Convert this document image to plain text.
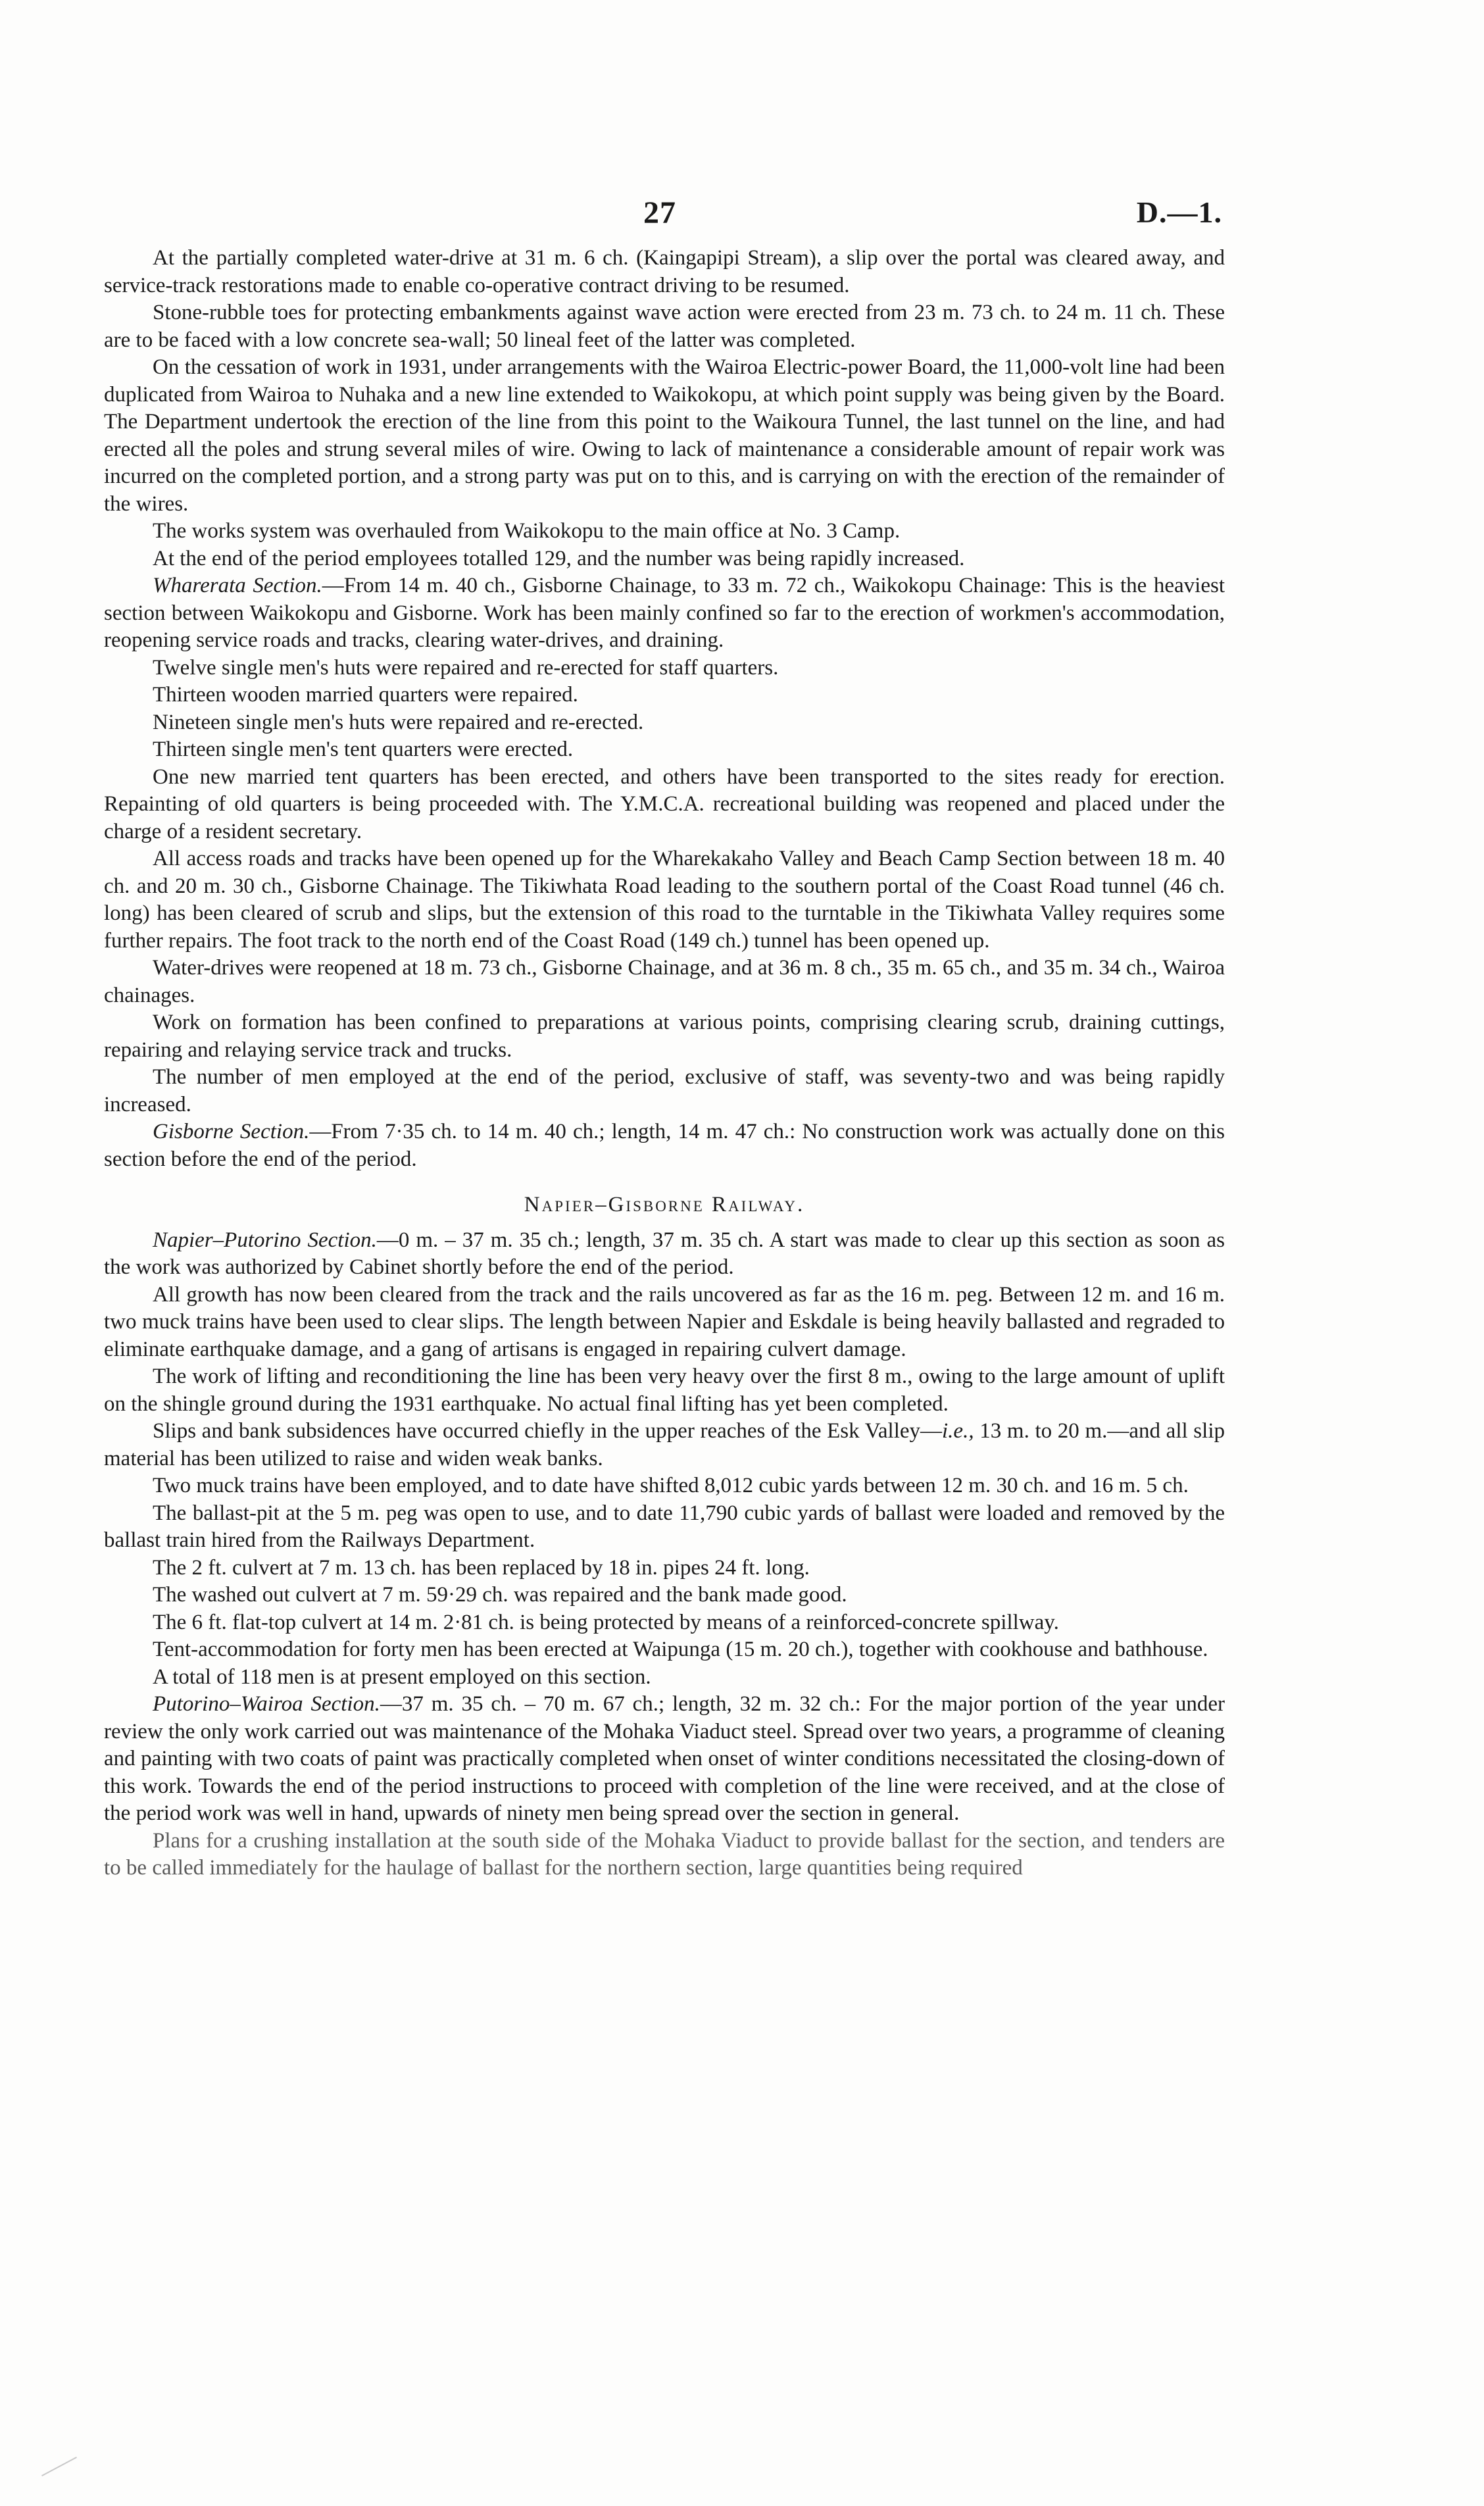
27	D.—1.

At the partially completed water-drive at 31 m. 6 ch. (Kaingapipi Stream), a slip over the portal was cleared away, and service-track restorations made to enable co-operative contract driving to be resumed.

Stone-rubble toes for protecting embankments against wave action were erected from 23 m. 73 ch. to 24 m. 11 ch. These are to be faced with a low concrete sea-wall; 50 lineal feet of the latter was completed.

On the cessation of work in 1931, under arrangements with the Wairoa Electric-power Board, the 11,000-volt line had been duplicated from Wairoa to Nuhaka and a new line extended to Waikokopu, at which point supply was being given by the Board. The Department undertook the erection of the line from this point to the Waikoura Tunnel, the last tunnel on the line, and had erected all the poles and strung several miles of wire. Owing to lack of maintenance a considerable amount of repair work was incurred on the completed portion, and a strong party was put on to this, and is carrying on with the erection of the remainder of the wires.

The works system was overhauled from Waikokopu to the main office at No. 3 Camp.

At the end of the period employees totalled 129, and the number was being rapidly increased.

Wharerata Section.—From 14 m. 40 ch., Gisborne Chainage, to 33 m. 72 ch., Waikokopu Chainage: This is the heaviest section between Waikokopu and Gisborne. Work has been mainly confined so far to the erection of workmen's accommodation, reopening service roads and tracks, clearing water-drives, and draining.

Twelve single men's huts were repaired and re-erected for staff quarters.

Thirteen wooden married quarters were repaired.

Nineteen single men's huts were repaired and re-erected.

Thirteen single men's tent quarters were erected.

One new married tent quarters has been erected, and others have been transported to the sites ready for erection. Repainting of old quarters is being proceeded with. The Y.M.C.A. recreational building was reopened and placed under the charge of a resident secretary.

All access roads and tracks have been opened up for the Wharekakaho Valley and Beach Camp Section between 18 m. 40 ch. and 20 m. 30 ch., Gisborne Chainage. The Tikiwhata Road leading to the southern portal of the Coast Road tunnel (46 ch. long) has been cleared of scrub and slips, but the extension of this road to the turntable in the Tikiwhata Valley requires some further repairs. The foot track to the north end of the Coast Road (149 ch.) tunnel has been opened up.

Water-drives were reopened at 18 m. 73 ch., Gisborne Chainage, and at 36 m. 8 ch., 35 m. 65 ch., and 35 m. 34 ch., Wairoa chainages.

Work on formation has been confined to preparations at various points, comprising clearing scrub, draining cuttings, repairing and relaying service track and trucks.

The number of men employed at the end of the period, exclusive of staff, was seventy-two and was being rapidly increased.

Gisborne Section.—From 7·35 ch. to 14 m. 40 ch.; length, 14 m. 47 ch.: No construction work was actually done on this section before the end of the period.

Napier–Gisborne Railway.

Napier–Putorino Section.—0 m. – 37 m. 35 ch.; length, 37 m. 35 ch. A start was made to clear up this section as soon as the work was authorized by Cabinet shortly before the end of the period.

All growth has now been cleared from the track and the rails uncovered as far as the 16 m. peg. Between 12 m. and 16 m. two muck trains have been used to clear slips. The length between Napier and Eskdale is being heavily ballasted and regraded to eliminate earthquake damage, and a gang of artisans is engaged in repairing culvert damage.

The work of lifting and reconditioning the line has been very heavy over the first 8 m., owing to the large amount of uplift on the shingle ground during the 1931 earthquake. No actual final lifting has yet been completed.

Slips and bank subsidences have occurred chiefly in the upper reaches of the Esk Valley—i.e., 13 m. to 20 m.—and all slip material has been utilized to raise and widen weak banks.

Two muck trains have been employed, and to date have shifted 8,012 cubic yards between 12 m. 30 ch. and 16 m. 5 ch.

The ballast-pit at the 5 m. peg was open to use, and to date 11,790 cubic yards of ballast were loaded and removed by the ballast train hired from the Railways Department.

The 2 ft. culvert at 7 m. 13 ch. has been replaced by 18 in. pipes 24 ft. long.

The washed out culvert at 7 m. 59·29 ch. was repaired and the bank made good.

The 6 ft. flat-top culvert at 14 m. 2·81 ch. is being protected by means of a reinforced-concrete spillway.

Tent-accommodation for forty men has been erected at Waipunga (15 m. 20 ch.), together with cookhouse and bathhouse.

A total of 118 men is at present employed on this section.

Putorino–Wairoa Section.—37 m. 35 ch. – 70 m. 67 ch.; length, 32 m. 32 ch.: For the major portion of the year under review the only work carried out was maintenance of the Mohaka Viaduct steel. Spread over two years, a programme of cleaning and painting with two coats of paint was practically completed when onset of winter conditions necessitated the closing-down of this work. Towards the end of the period instructions to proceed with completion of the line were received, and at the close of the period work was well in hand, upwards of ninety men being spread over the section in general.

Plans for a crushing installation at the south side of the Mohaka Viaduct to provide ballast for the section, and tenders are to be called immediately for the haulage of ballast for the northern section, large quantities being required
